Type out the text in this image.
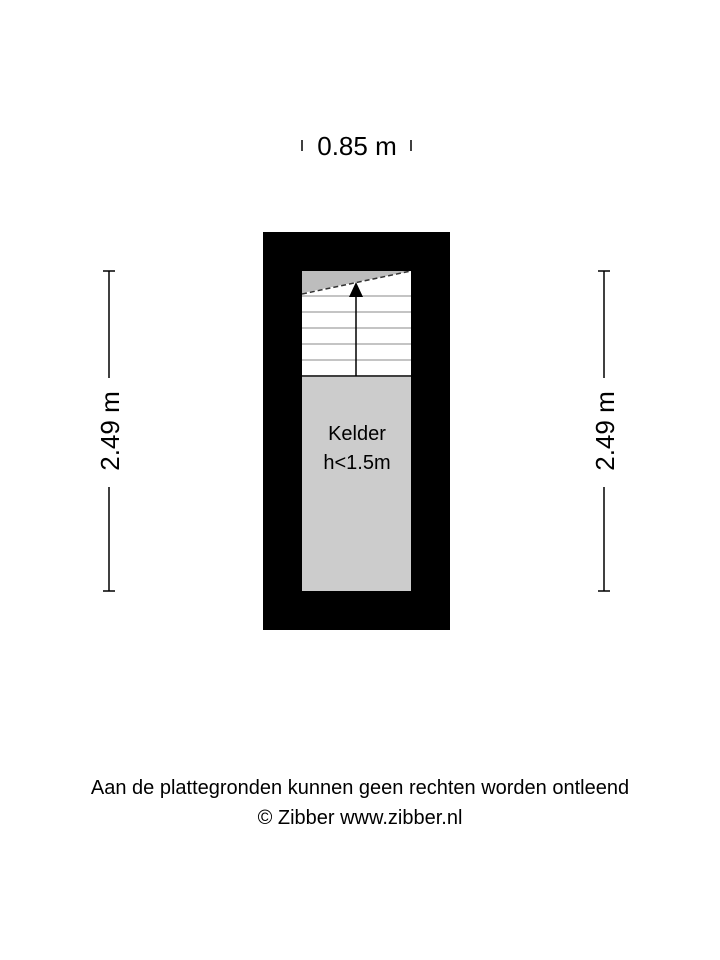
0.85 m
2.49 m	2.49 m
Kelder
h<1.5m
Aan de plattegronden kunnen geen rechten worden ontleend
© Zibber www.zibber.nl
